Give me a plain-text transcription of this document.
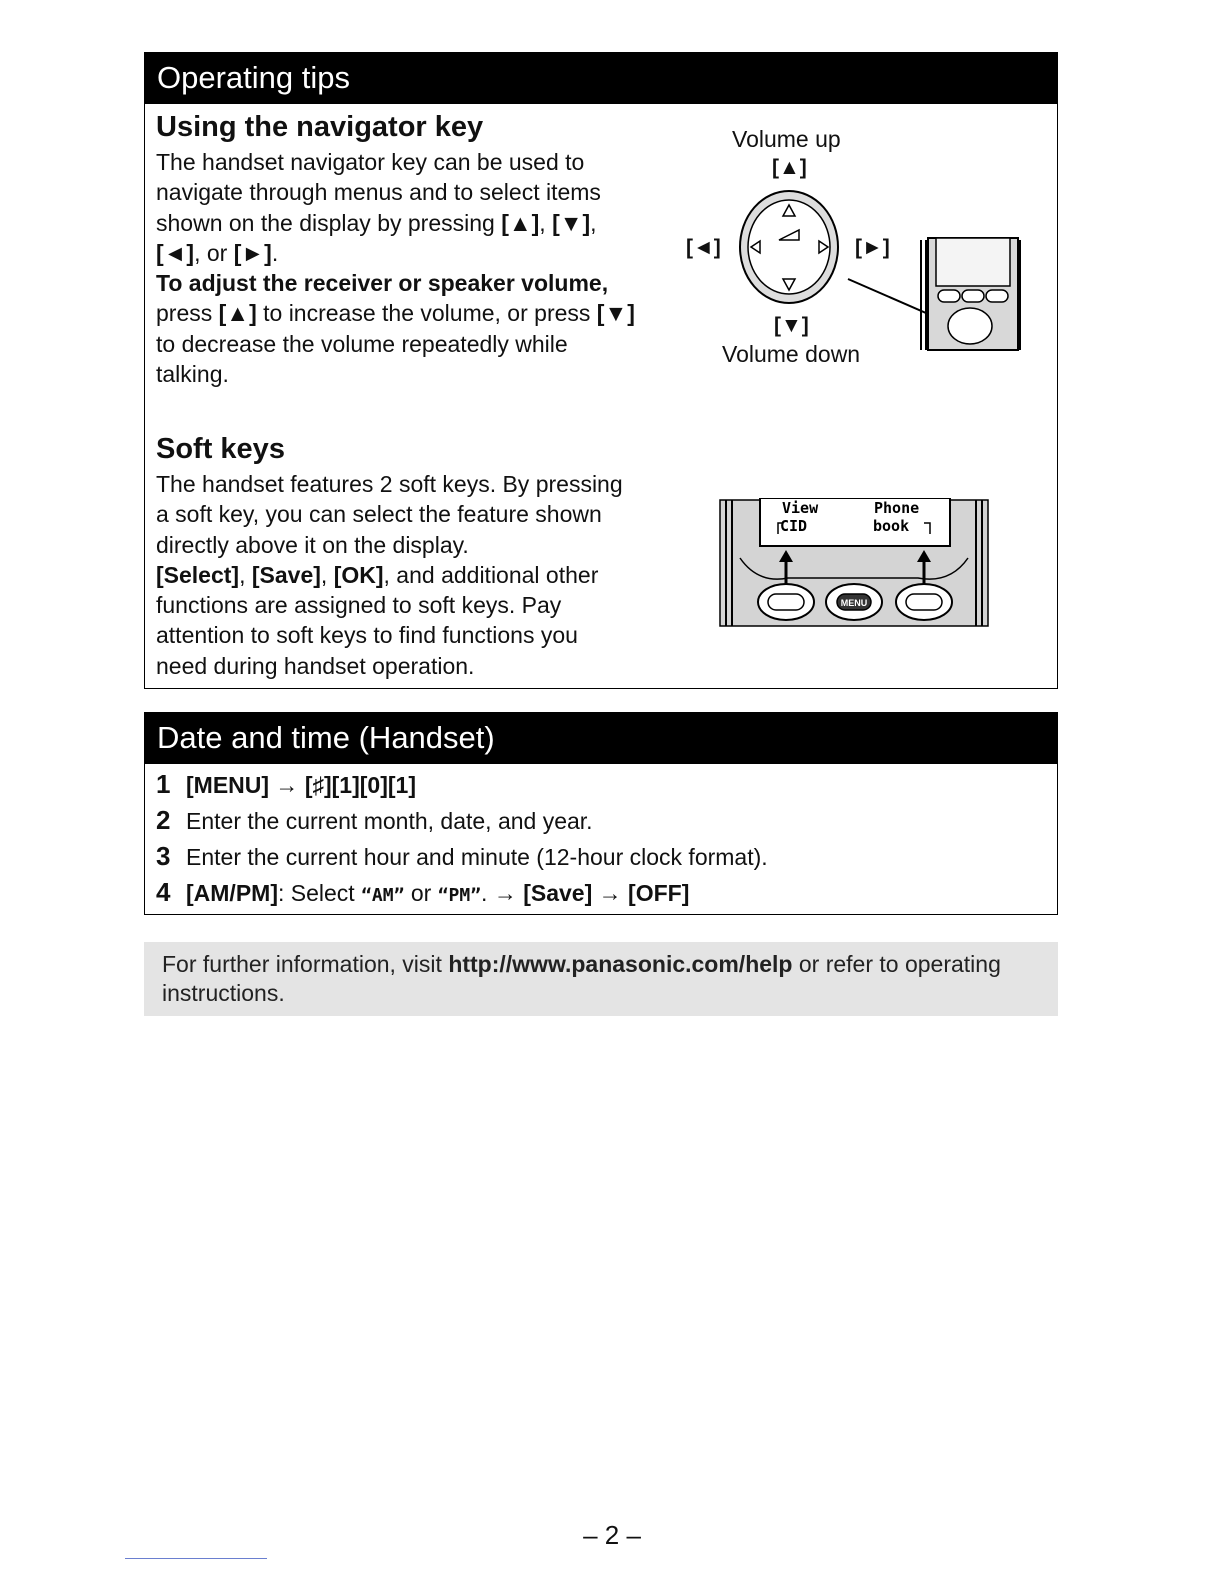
Operating tips
Using the navigator key
The handset navigator key can be used to
navigate through menus and to select items
shown on the display by pressing [▲], [▼],
[◄], or [►].
To adjust the receiver or speaker volume,
press [▲] to increase the volume, or press [▼]
to decrease the volume repeatedly while
talking.
Volume up
[▲]
[◄]	[►]
[▼]
Volume down
Soft keys
The handset features 2 soft keys. By pressing
a soft key, you can select the feature shown
directly above it on the display.
[Select], [Save], [OK], and additional other
functions are assigned to soft keys. Pay
attention to soft keys to find functions you
need during handset operation.
MENU
View
CID
Phone
book
Date and time (Handset)
1 [MENU] → [♯][1][0][1]
2 Enter the current month, date, and year.
3 Enter the current hour and minute (12-hour clock format).
4 [AM/PM]: Select “AM” or “PM”. → [Save] → [OFF]
For further information, visit http://www.panasonic.com/help or refer to operating instructions.
– 2 –
